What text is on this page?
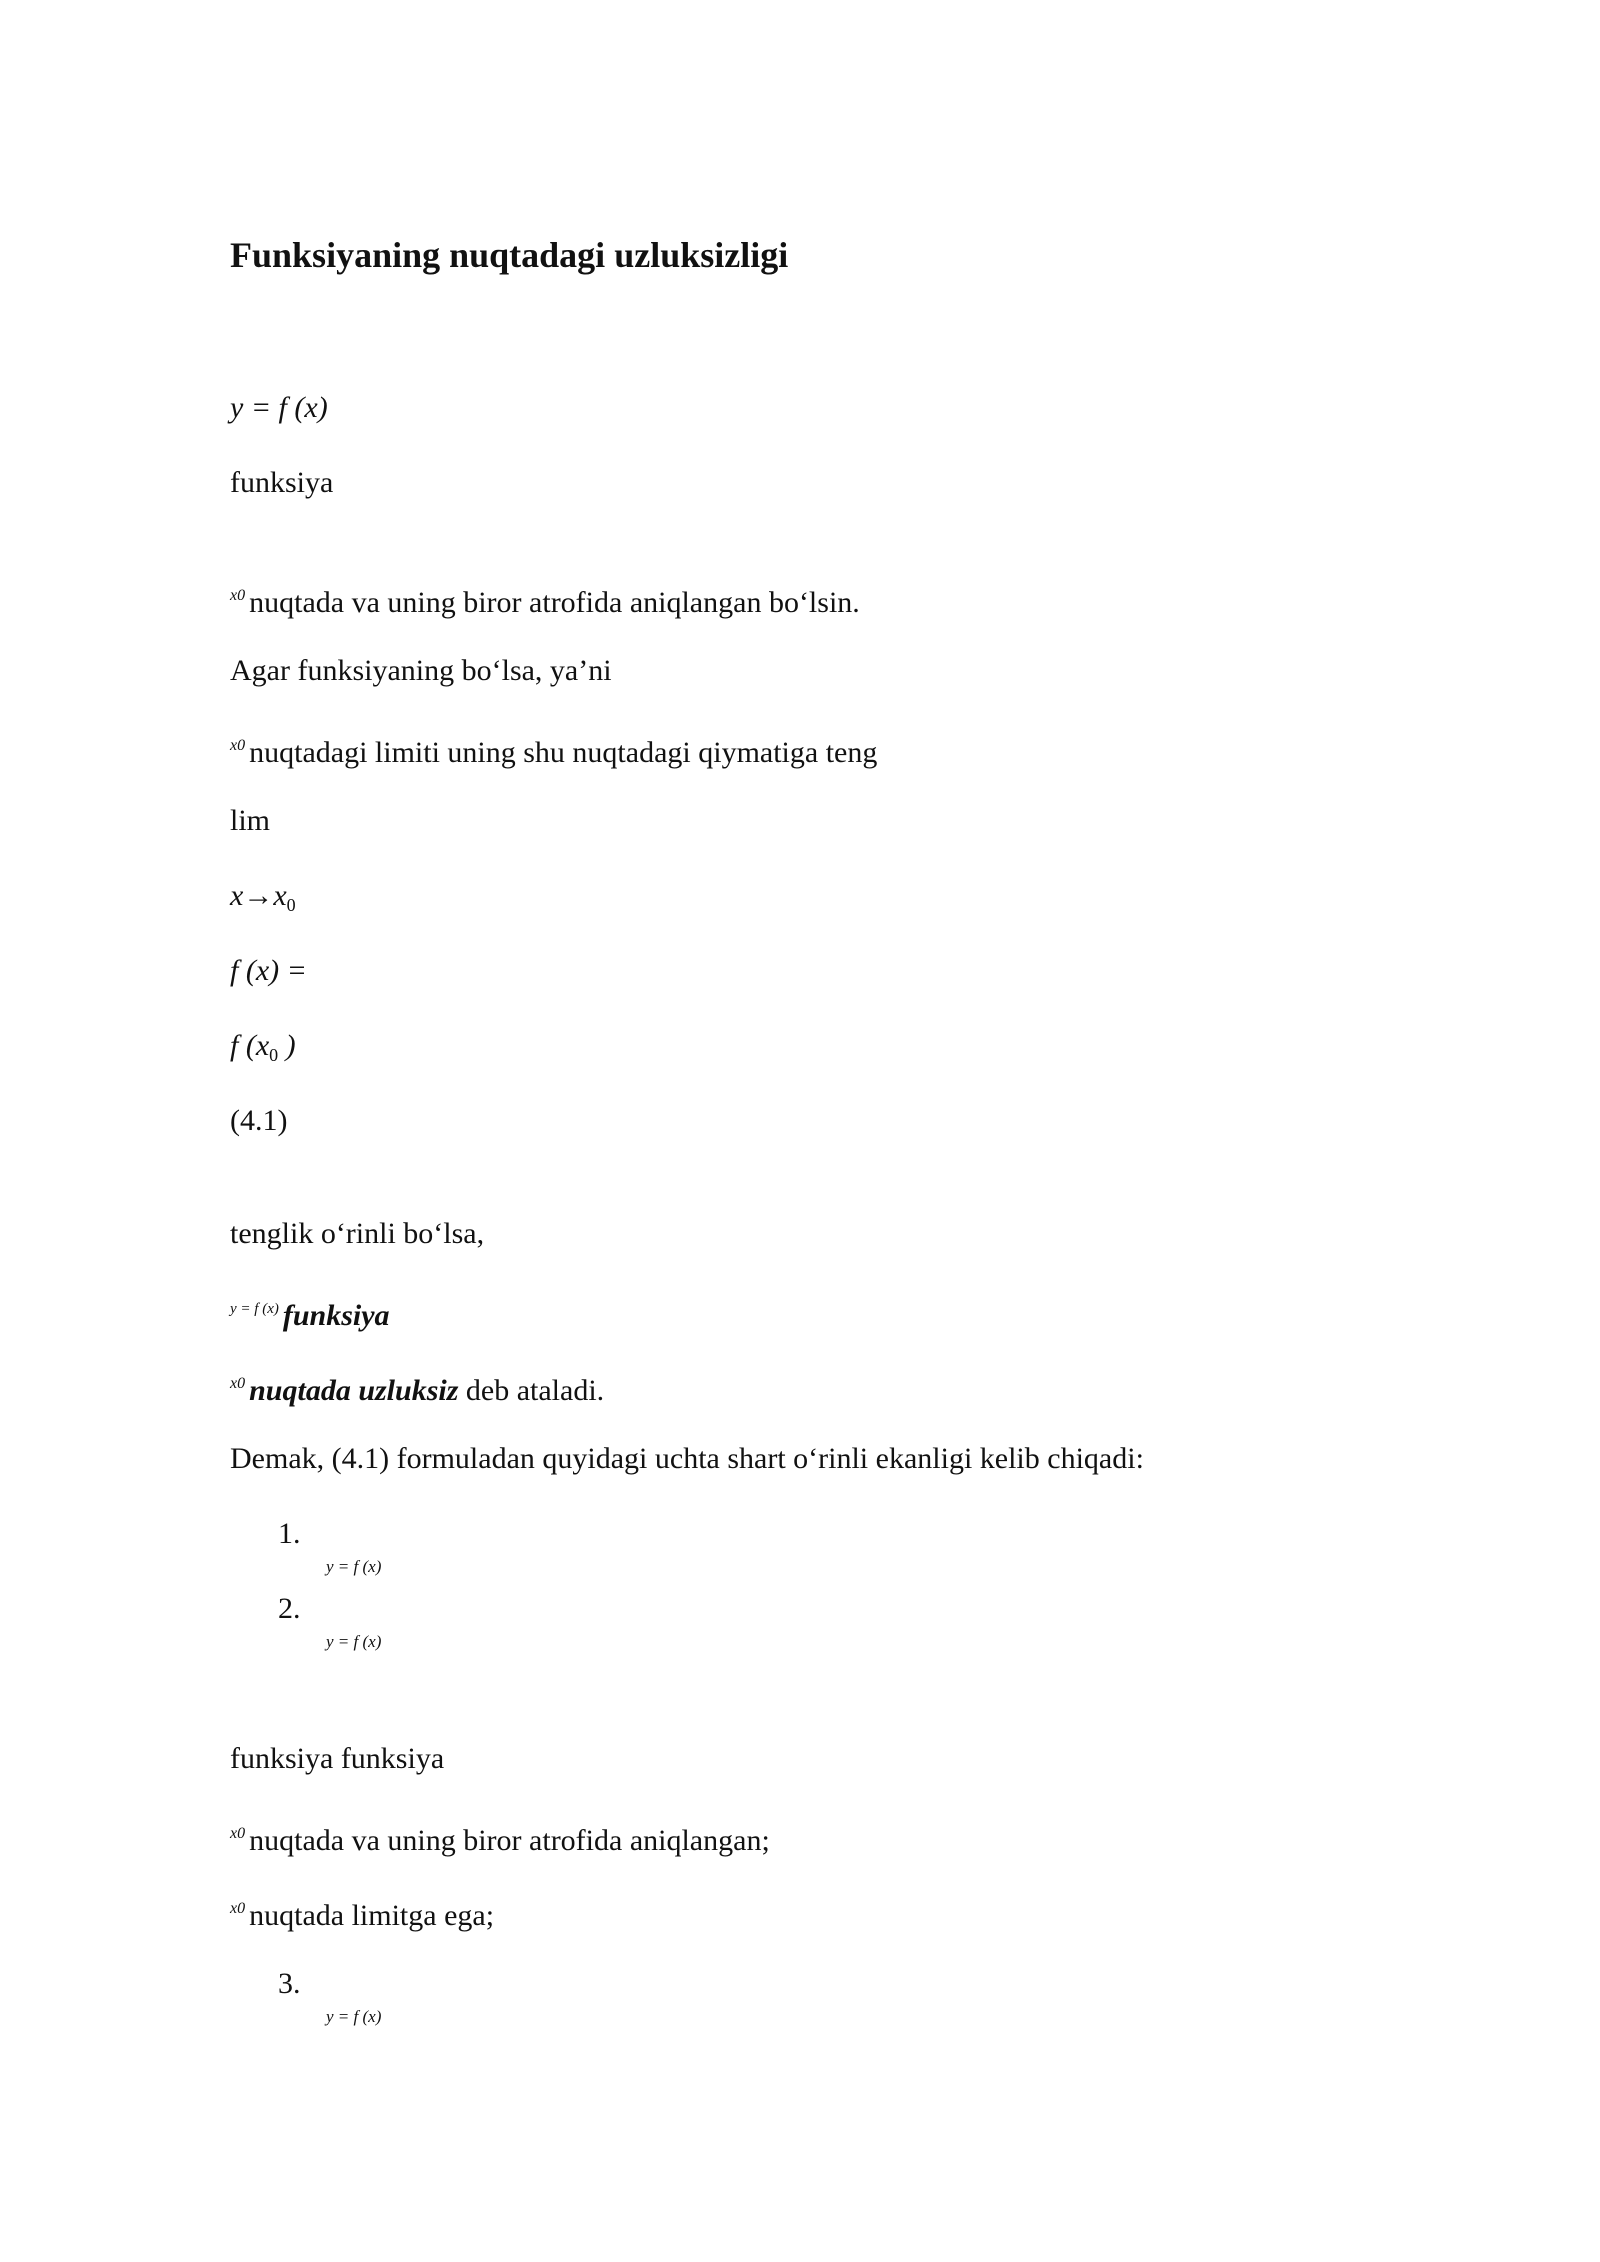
Funksiyaning nuqtadagi uzluksizligi
y = f (x)
funksiya
$^{x0}$ nuqtada va uning biror atrofida aniqlangan bo‘lsin.
Agar funksiyaning bo‘lsa, ya’ni
$^{x0}$ nuqtadagi limiti uning shu nuqtadagi qiymatiga teng
lim
$x\to x_0$
f (x) =
f ($x_0$ )
(4.1)
tenglik o‘rinli bo‘lsa,
$^{y = f (x)}$ funksiya
$^{x0}$ nuqtada uzluksiz deb ataladi.
Demak, (4.1) formuladan quyidagi uchta shart o‘rinli ekanligi kelib chiqadi:
1.
y = f (x)
2.
y = f (x)
funksiya funksiya
$^{x0}$ nuqtada va uning biror atrofida aniqlangan;
$^{x0}$ nuqtada limitga ega;
3.
y = f (x)
